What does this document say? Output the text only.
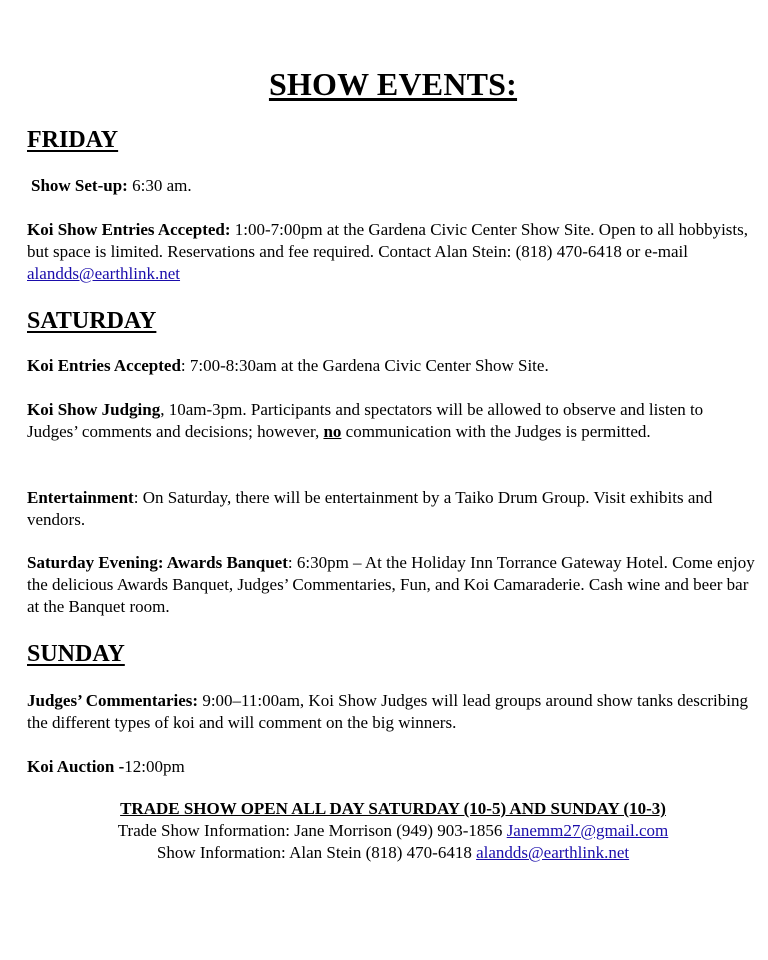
SHOW EVENTS:
FRIDAY

Show Set-up: 6:30 am.

Koi Show Entries Accepted: 1:00-7:00pm at the Gardena Civic Center Show Site. Open to all hobbyists, but space is limited. Reservations and fee required. Contact Alan Stein: (818) 470-6418 or e-mail alandds@earthlink.net

SATURDAY

Koi Entries Accepted: 7:00-8:30am at the Gardena Civic Center Show Site.

Koi Show Judging, 10am-3pm. Participants and spectators will be allowed to observe and listen to Judges’ comments and decisions; however, no communication with the Judges is permitted.

Entertainment: On Saturday, there will be entertainment by a Taiko Drum Group. Visit exhibits and vendors.

Saturday Evening: Awards Banquet: 6:30pm – At the Holiday Inn Torrance Gateway Hotel. Come enjoy the delicious Awards Banquet, Judges’ Commentaries, Fun, and Koi Camaraderie. Cash wine and beer bar at the Banquet room.

SUNDAY

Judges’ Commentaries: 9:00–11:00am, Koi Show Judges will lead groups around show tanks describing the different types of koi and will comment on the big winners.

Koi Auction -12:00pm

TRADE SHOW OPEN ALL DAY SATURDAY (10-5) AND SUNDAY (10-3)
Trade Show Information: Jane Morrison (949) 903-1856 Janemm27@gmail.com
Show Information: Alan Stein (818) 470-6418 alandds@earthlink.net
